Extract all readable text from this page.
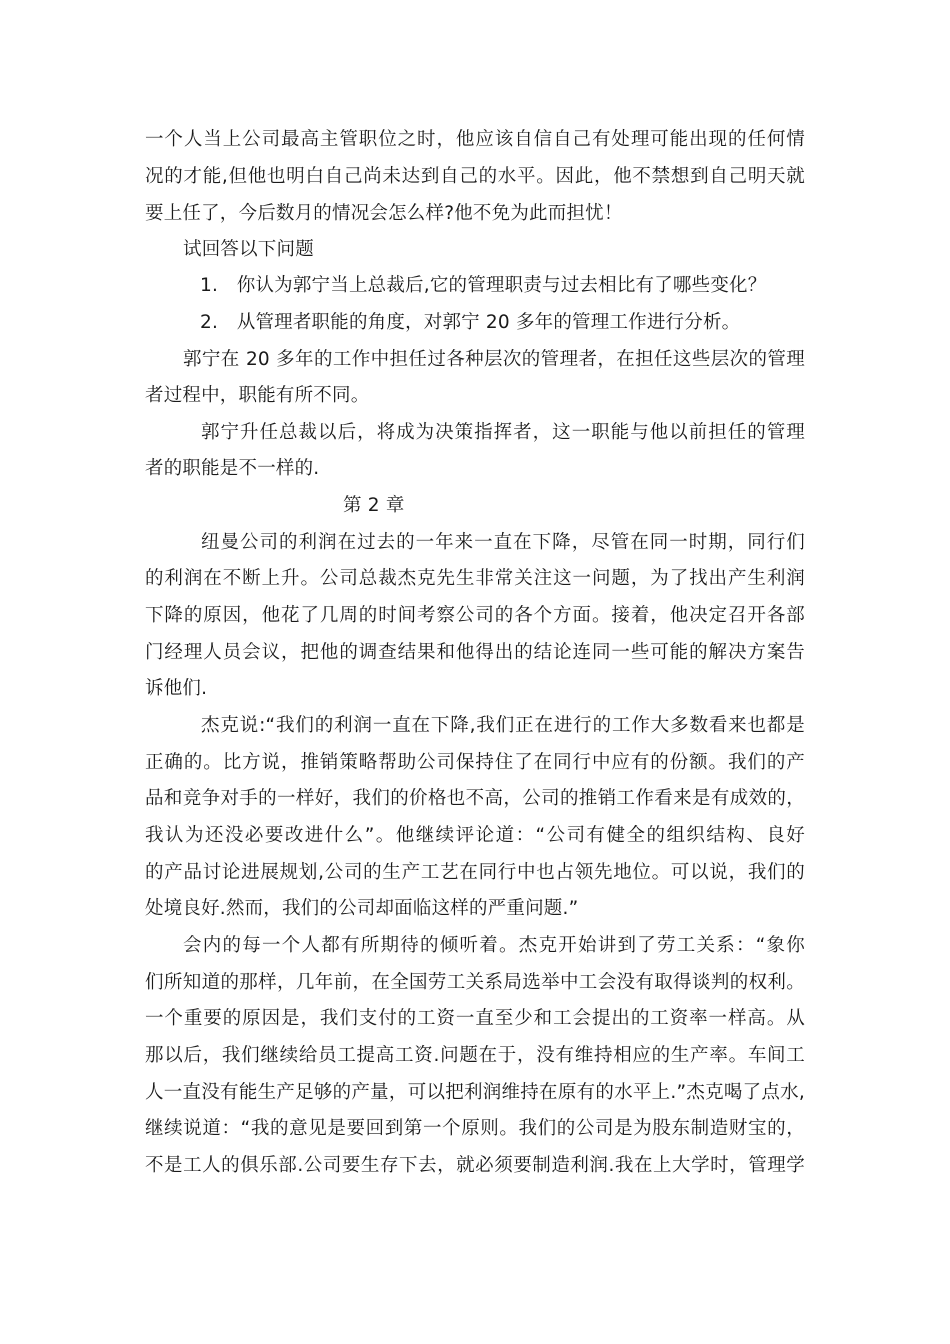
一个人当上公司最高主管职位之时，他应该自信自己有处理可能出现的任何情
况的才能,但他也明白自己尚未达到自己的水平。因此，他不禁想到自己明天就
要上任了，今后数月的情况会怎么样?他不免为此而担忧！
试回答以下问题
1.　你认为郭宁当上总裁后,它的管理职责与过去相比有了哪些变化？
2.　从管理者职能的角度，对郭宁 20 多年的管理工作进行分析。
郭宁在 20 多年的工作中担任过各种层次的管理者，在担任这些层次的管理
者过程中，职能有所不同。
郭宁升任总裁以后，将成为决策指挥者，这一职能与他以前担任的管理
者的职能是不一样的.
第 2 章
纽曼公司的利润在过去的一年来一直在下降，尽管在同一时期，同行们
的利润在不断上升。公司总裁杰克先生非常关注这一问题，为了找出产生利润
下降的原因，他花了几周的时间考察公司的各个方面。接着，他决定召开各部
门经理人员会议，把他的调查结果和他得出的结论连同一些可能的解决方案告
诉他们.
杰克说:“我们的利润一直在下降,我们正在进行的工作大多数看来也都是
正确的。比方说，推销策略帮助公司保持住了在同行中应有的份额。我们的产
品和竞争对手的一样好，我们的价格也不高，公司的推销工作看来是有成效的，
我认为还没必要改进什么”。他继续评论道：“公司有健全的组织结构、良好
的产品讨论进展规划,公司的生产工艺在同行中也占领先地位。可以说，我们的
处境良好.然而，我们的公司却面临这样的严重问题.”
会内的每一个人都有所期待的倾听着。杰克开始讲到了劳工关系：“象你
们所知道的那样，几年前，在全国劳工关系局选举中工会没有取得谈判的权利。
一个重要的原因是，我们支付的工资一直至少和工会提出的工资率一样高。从
那以后，我们继续给员工提高工资.问题在于，没有维持相应的生产率。车间工
人一直没有能生产足够的产量，可以把利润维持在原有的水平上.”杰克喝了点水,
继续说道：“我的意见是要回到第一个原则。我们的公司是为股东制造财宝的，
不是工人的俱乐部.公司要生存下去，就必须要制造利润.我在上大学时，管理学
